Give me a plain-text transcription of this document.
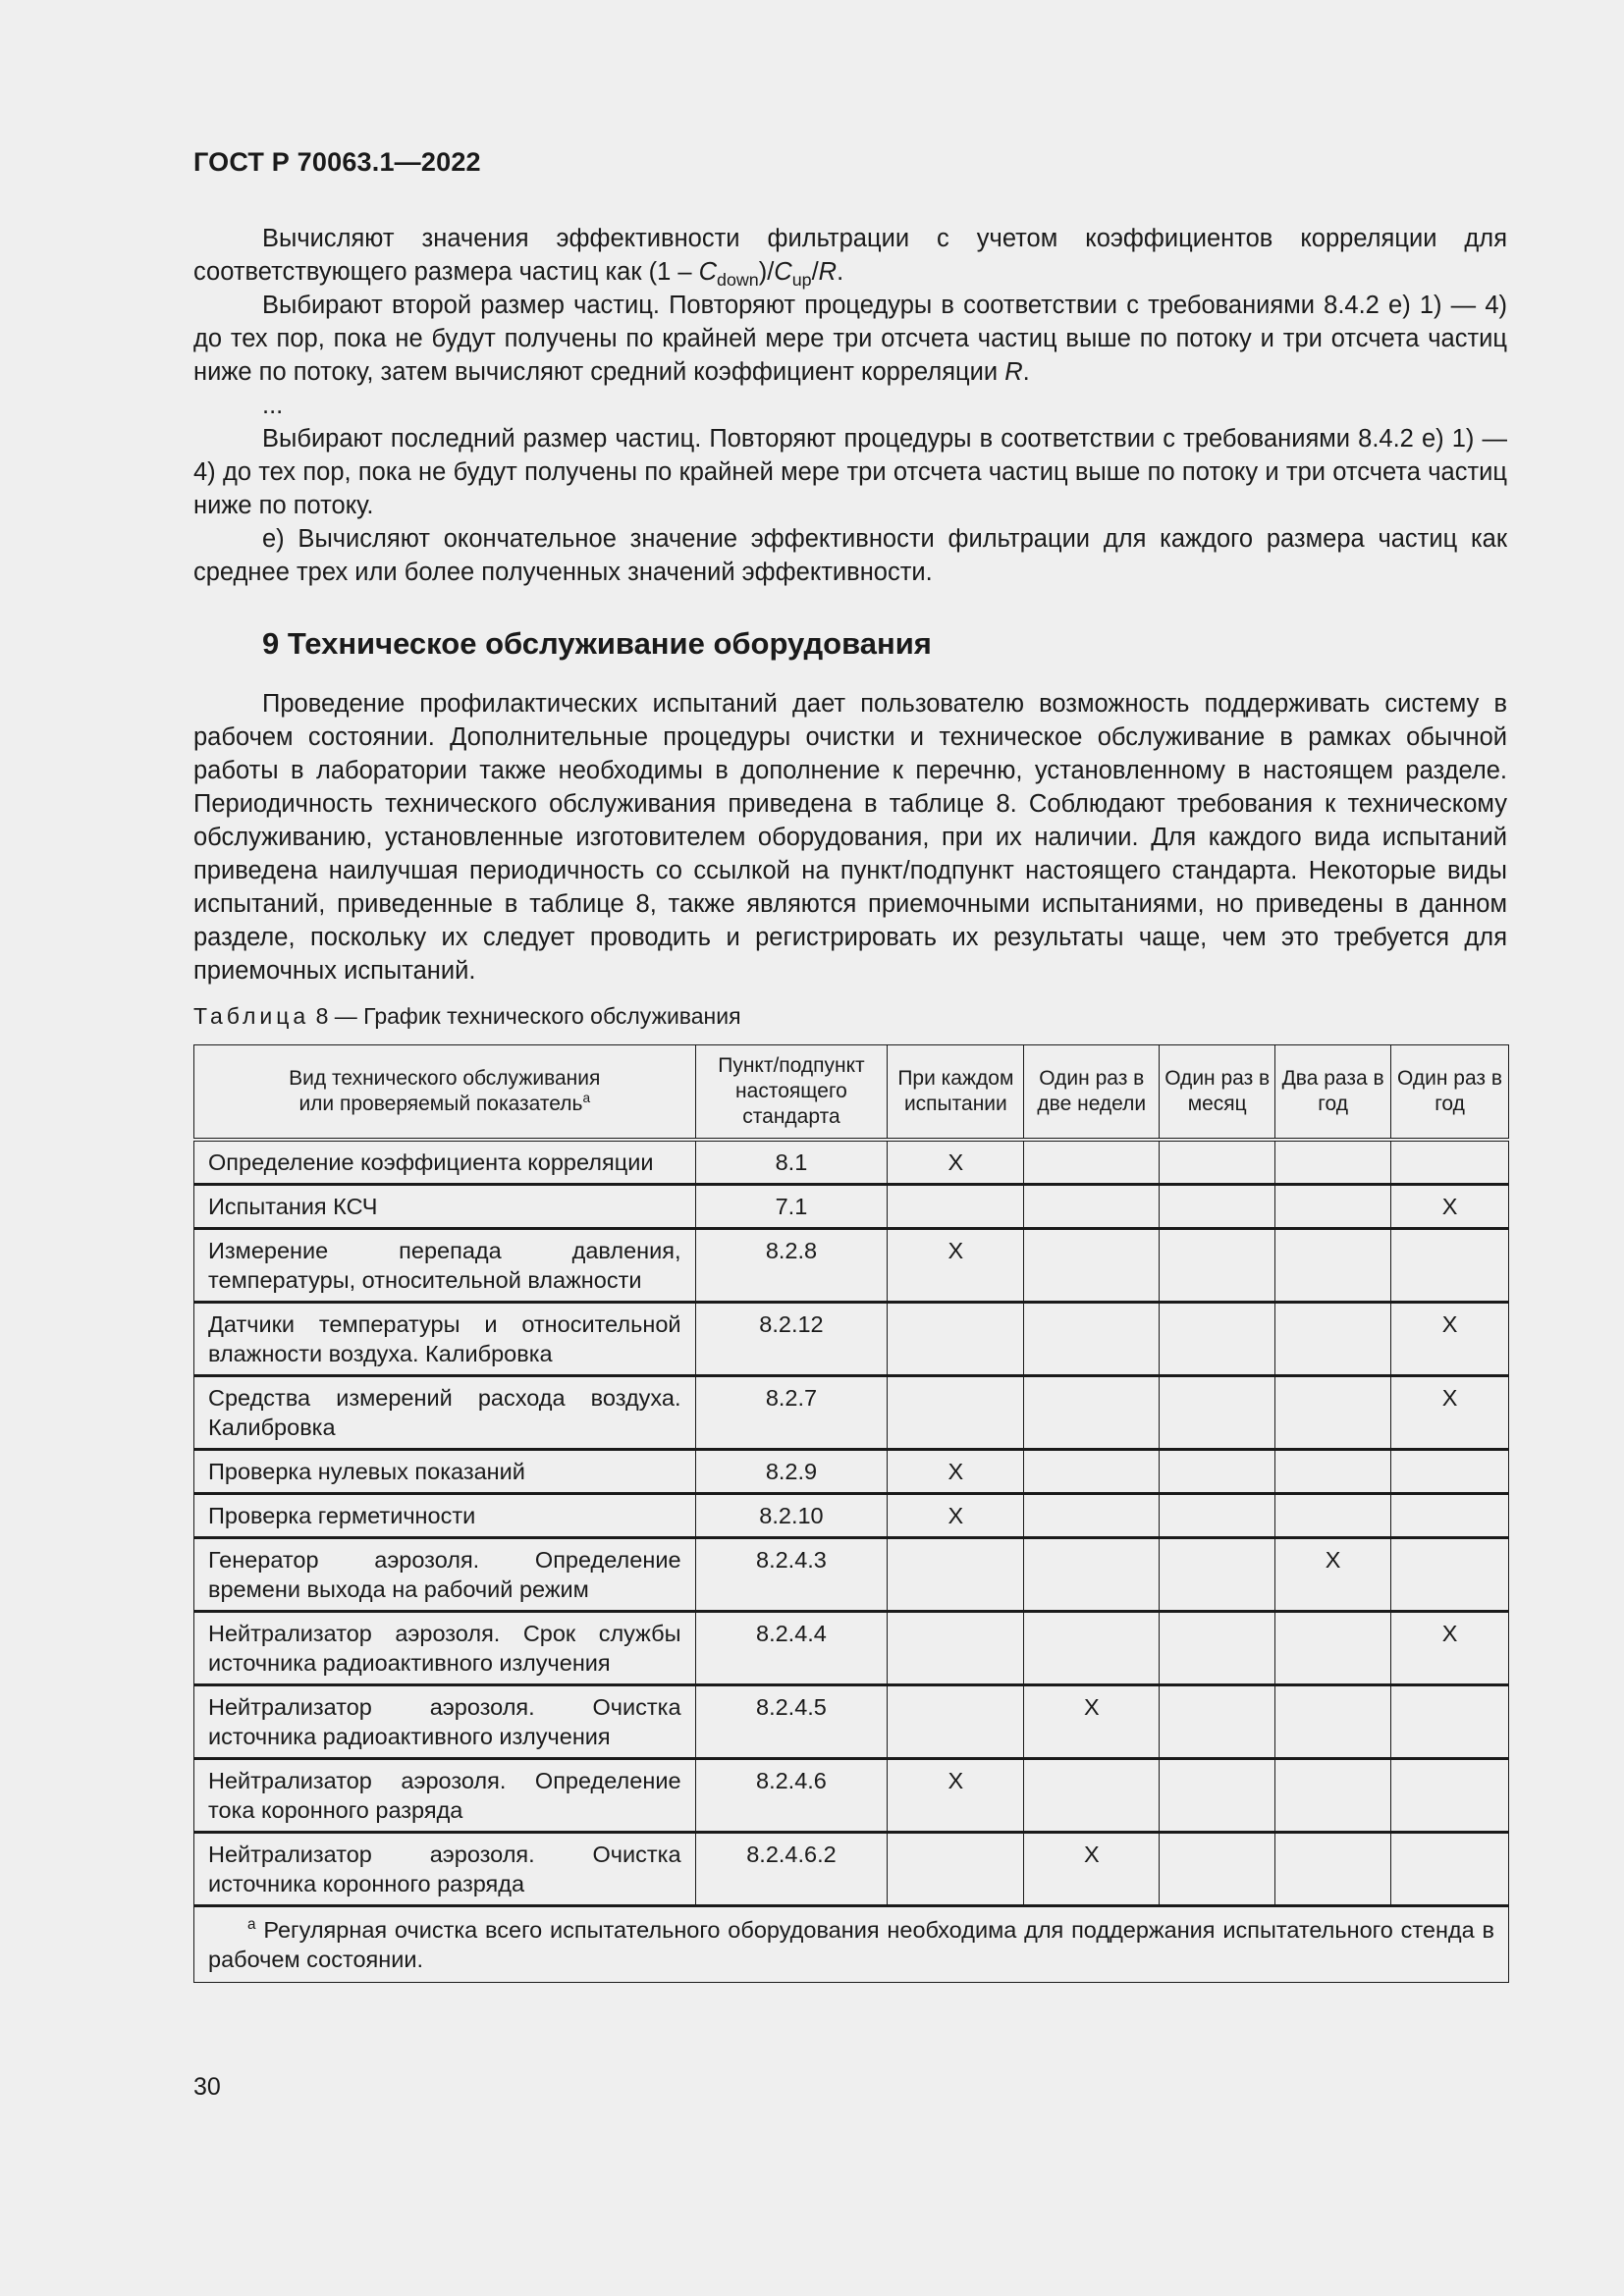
ГОСТ Р 70063.1—2022

Вычисляют значения эффективности фильтрации с учетом коэффициентов корреляции для соответствующего размера частиц как $(1 - C_{down})/C_{up}/R$.

Выбирают второй размер частиц. Повторяют процедуры в соответствии с требованиями 8.4.2 е) 1) — 4) до тех пор, пока не будут получены по крайней мере три отсчета частиц выше по потоку и три отсчета частиц ниже по потоку, затем вычисляют средний коэффициент корреляции R.

...

Выбирают последний размер частиц. Повторяют процедуры в соответствии с требованиями 8.4.2 е) 1) — 4) до тех пор, пока не будут получены по крайней мере три отсчета частиц выше по потоку и три отсчета частиц ниже по потоку.

е) Вычисляют окончательное значение эффективности фильтрации для каждого размера частиц как среднее трех или более полученных значений эффективности.

9 Техническое обслуживание оборудования

Проведение профилактических испытаний дает пользователю возможность поддерживать систему в рабочем состоянии. Дополнительные процедуры очистки и техническое обслуживание в рамках обычной работы в лаборатории также необходимы в дополнение к перечню, установленному в настоящем разделе. Периодичность технического обслуживания приведена в таблице 8. Соблюдают требования к техническому обслуживанию, установленные изготовителем оборудования, при их наличии. Для каждого вида испытаний приведена наилучшая периодичность со ссылкой на пункт/подпункт настоящего стандарта. Некоторые виды испытаний, приведенные в таблице 8, также являются приемочными испытаниями, но приведены в данном разделе, поскольку их следует проводить и регистрировать их результаты чаще, чем это требуется для приемочных испытаний.

Таблица 8 — График технического обслуживания
Вид технического обслуживания
или проверяемый показатель$^a$	Пункт/подпункт настоящего стандарта	При каждом испытании	Один раз в две недели	Один раз в месяц	Два раза в год	Один раз в год
Определение коэффициента корреляции	8.1	X				
Испытания КСЧ	7.1					X
Измерение перепада давления, температуры, относительной влажности	8.2.8	X				
Датчики температуры и относительной влажности воздуха. Калибровка	8.2.12					X
Средства измерений расхода воздуха. Калибровка	8.2.7					X
Проверка нулевых показаний	8.2.9	X				
Проверка герметичности	8.2.10	X				
Генератор аэрозоля. Определение времени выхода на рабочий режим	8.2.4.3				X	
Нейтрализатор аэрозоля. Срок службы источника радиоактивного излучения	8.2.4.4					X
Нейтрализатор аэрозоля. Очистка источника радиоактивного излучения	8.2.4.5		X			
Нейтрализатор аэрозоля. Определение тока коронного разряда	8.2.4.6	X				
Нейтрализатор аэрозоля. Очистка источника коронного разряда	8.2.4.6.2		X			

$^a$ Регулярная очистка всего испытательного оборудования необходима для поддержания испытательного стенда в рабочем состоянии.						
30
